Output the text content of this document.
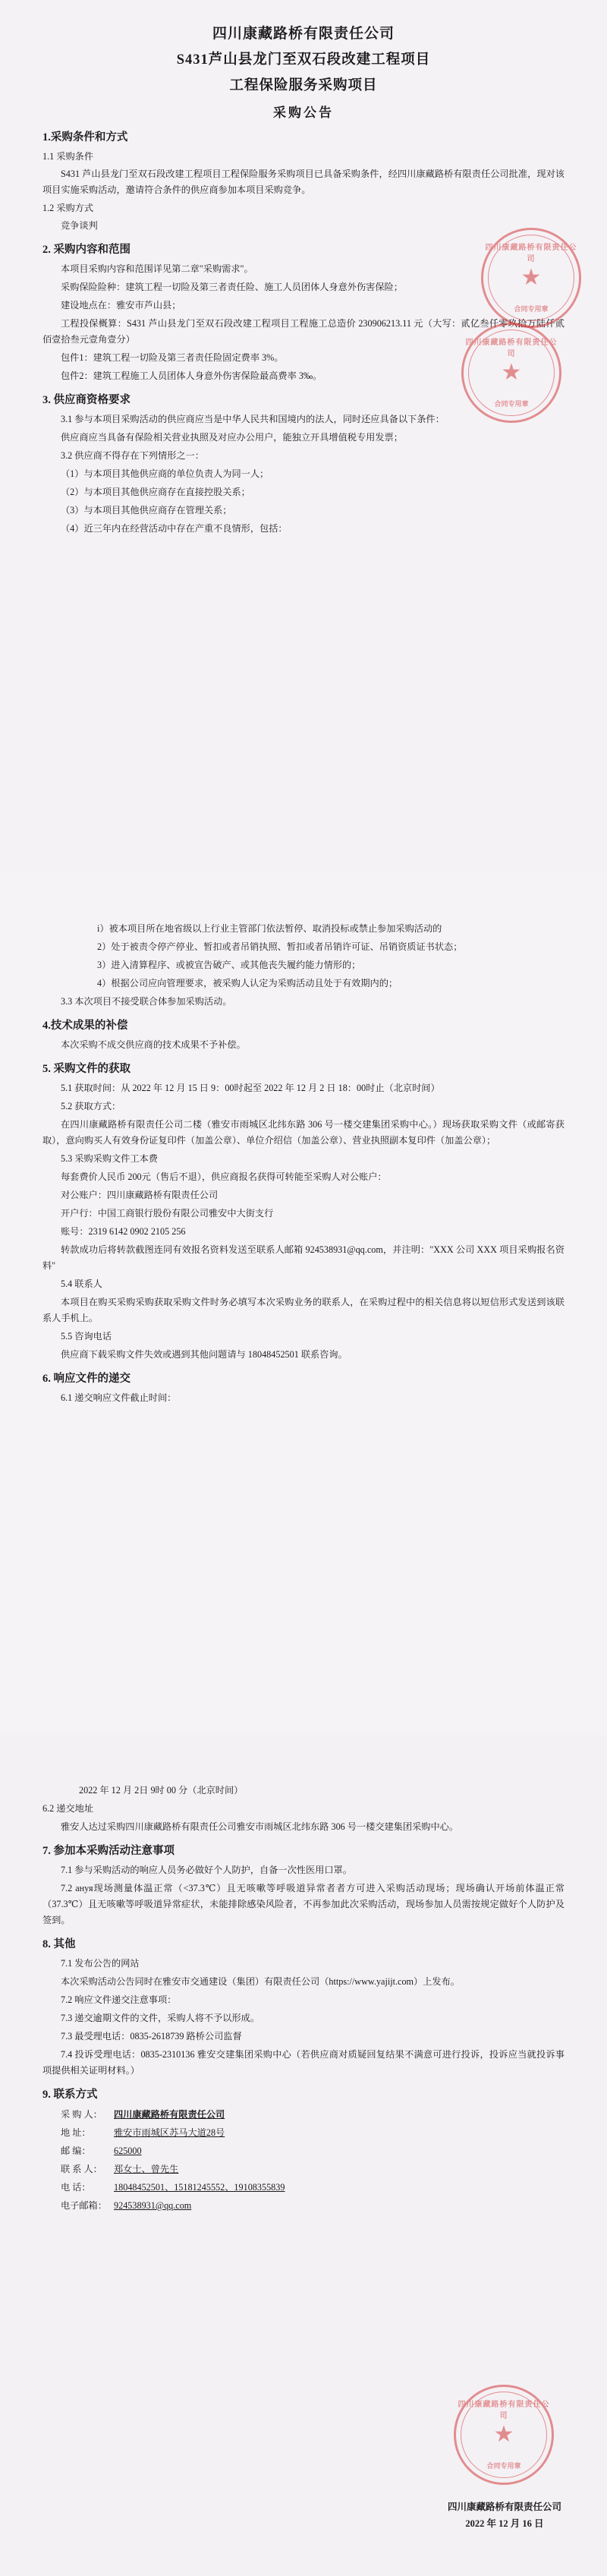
四川康藏路桥有限责任公司
S431芦山县龙门至双石段改建工程项目
工程保险服务采购项目
采购公告
1.采购条件和方式
1.1 采购条件

S431 芦山县龙门至双石段改建工程项目工程保险服务采购项目已具备采购条件，经四川康藏路桥有限责任公司批准，现对该项目实施采购活动，邀请符合条件的供应商参加本项目采购竞争。

1.2 采购方式

竞争谈判

2. 采购内容和范围

本项目采购内容和范围详见第二章"采购需求"。

采购保险险种：建筑工程一切险及第三者责任险、施工人员团体人身意外伤害保险；

建设地点在：雅安市芦山县；

工程投保概算：S431 芦山县龙门至双石段改建工程项目工程施工总造价 230906213.11 元（大写：贰亿叁仟零玖拾万陆仟贰佰壹拾叁元壹角壹分）

包件1：建筑工程一切险及第三者责任险固定费率 3%。

包件2：建筑工程施工人员团体人身意外伤害保险最高费率 3‰。

3. 供应商资格要求

3.1 参与本项目采购活动的供应商应当是中华人民共和国境内的法人，同时还应具备以下条件：

供应商应当具备有保险相关营业执照及对应办公用户，能独立开具增值税专用发票；

3.2 供应商不得存在下列情形之一：

（1）与本项目其他供应商的单位负责人为同一人；

（2）与本项目其他供应商存在直接控股关系；

（3）与本项目其他供应商存在管理关系；

（4）近三年内在经营活动中存在产重不良情形，包括：

四川康藏路桥有限责任公司
★
合同专用章
四川康藏路桥有限责任公司
★
合同专用章

i）被本项目所在地省级以上行业主管部门依法暂停、取消投标或禁止参加采购活动的

2）处于被责令停产停业、暂扣或者吊销执照、暂扣或者吊销许可证、吊销资质证书状态；

3）进入清算程序、或被宣告破产、或其他丧失履约能力情形的；

4）根据公司应向管理要求，被采购人认定为采购活动且处于有效期内的；

3.3 本次项目不接受联合体参加采购活动。

4.技术成果的补偿

本次采购不成交供应商的技术成果不予补偿。

5. 采购文件的获取

5.1 获取时间：从 2022 年 12 月 15 日 9：00时起至 2022 年 12 月 2 日 18：00时止（北京时间）

5.2 获取方式：

在四川康藏路桥有限责任公司二楼（雅安市雨城区北纬东路 306 号一楼交建集团采购中心。）现场获取采购文件（或邮寄获取），意向购买人有效身份证复印件（加盖公章）、单位介绍信（加盖公章）、营业执照副本复印件（加盖公章）；

5.3 采购采购文件工本费

每套费价人民币 200元（售后不退），供应商报名获得可转能至采购人对公账户：

对公账户：四川康藏路桥有限责任公司

开户行：中国工商银行股份有限公司雅安中大街支行

账号：2319 6142 0902 2105 256

转款成功后将转款截图连同有效报名资料发送至联系人邮箱 924538931@qq.com，并注明："XXX 公司 XXX 项目采购报名资料"

5.4 联系人

本项目在购买采购采购获取采购文件时务必填写本次采购业务的联系人，在采购过程中的相关信息将以短信形式发送到该联系人手机上。

5.5 咨询电话

供应商下载采购文件失效或遇到其他问题请与 18048452501 联系咨询。

6. 响应文件的递交

6.1 递交响应文件截止时间：

2022 年 12 月 2日 9时 00 分（北京时间）

6.2 递交地址

雅安人达过采购四川康藏路桥有限责任公司雅安市雨城区北纬东路 306 号一楼交建集团采购中心。

7. 参加本采购活动注意事项

7.1 参与采购活动的响应人员务必做好个人防护，自备一次性医用口罩。

7.2 ануя现场测量体温正常（<37.3℃）且无咳嗽等呼吸道异常者者方可进入采购活动现场；现场确认开场前体温正常（37.3℃）且无咳嗽等呼吸道异常症状，未能排除感染风险者，不再参加此次采购活动，现场参加人员需按规定做好个人防护及签到。

8. 其他

7.1 发布公告的网站

本次采购活动公告同时在雅安市交通建设（集团）有限责任公司（https://www.yajijt.com）上发布。

7.2 响应文件递交注意事项：

7.3 递交逾期文件的文件，采购人将不予以形成。

7.3 最受理电话：0835-2618739 路桥公司监督

7.4 投诉受理电话：0835-2310136 雅安交建集团采购中心（若供应商对质疑回复结果不满意可进行投诉，投诉应当就投诉事项提供相关证明材料。）

9. 联系方式
采 购 人： 四川康藏路桥有限责任公司
地 址： 雅安市雨城区苏马大道28号
邮 编： 625000
联 系 人： 郑女士、曾先生
电 话： 18048452501、15181245552、19108355839
电子邮箱： 924538931@qq.com
四川康藏路桥有限责任公司
★
合同专用章
四川康藏路桥有限责任公司
2022 年 12 月 16 日
